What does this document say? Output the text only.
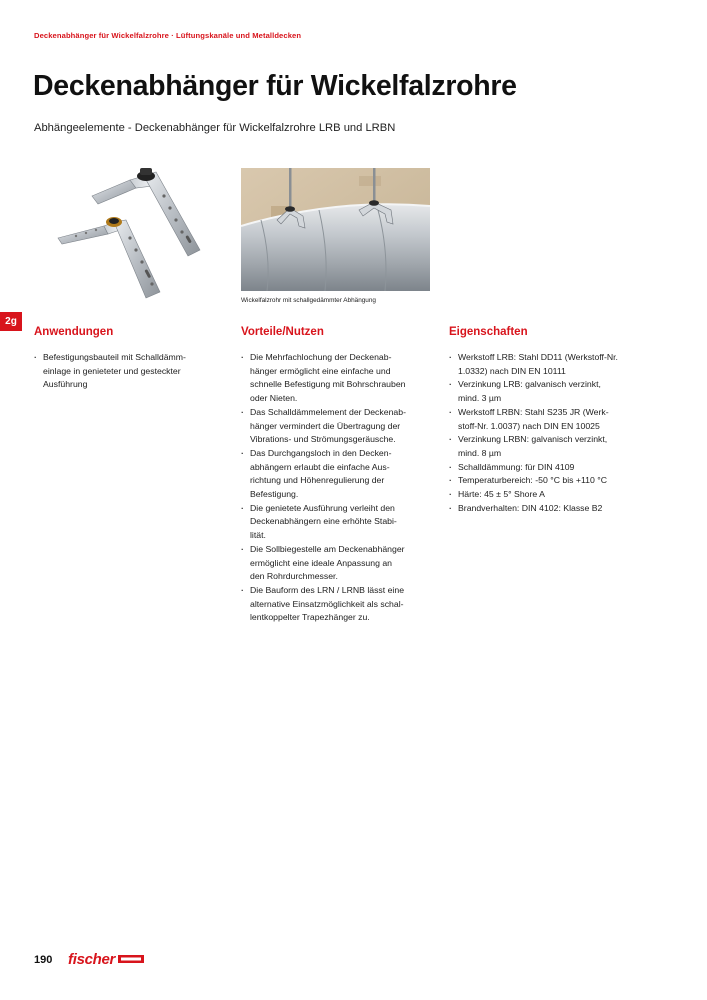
Deckenabhänger für Wickelfalzrohre · Lüftungskanäle und Metalldecken
Deckenabhänger für Wickelfalzrohre
Abhängeelemente - Deckenabhänger für Wickelfalzrohre LRB und LRBN
Wickelfalzrohr mit schallgedämmter Abhängung
2g
Anwendungen
· Befestigungsbauteil mit Schalldämm-
einlage in genieteter und gesteckter
Ausführung
Vorteile/Nutzen
· Die Mehrfachlochung der Deckenab-
hänger ermöglicht eine einfache und
schnelle Befestigung mit Bohrschrauben
oder Nieten.
· Das Schalldämmelement der Deckenab-
hänger vermindert die Übertragung der
Vibrations- und Strömungsgeräusche.
· Das Durchgangsloch in den Decken-
abhängern erlaubt die einfache Aus-
richtung und Höhenregulierung der
Befestigung.
· Die genietete Ausführung verleiht den
Deckenabhängern eine erhöhte Stabi-
lität.
· Die Sollbiegestelle am Deckenabhänger
ermöglicht eine ideale Anpassung an
den Rohrdurchmesser.
· Die Bauform des LRN / LRNB lässt eine
alternative Einsatzmöglichkeit als schal-
lentkoppelter Trapezhänger zu.
Eigenschaften
· Werkstoff LRB: Stahl DD11 (Werkstoff-Nr.
1.0332) nach DIN EN 10111
· Verzinkung LRB: galvanisch verzinkt,
mind. 3 µm
· Werkstoff LRBN: Stahl S235 JR (Werk-
stoff-Nr. 1.0037) nach DIN EN 10025
· Verzinkung LRBN: galvanisch verzinkt,
mind. 8 µm
· Schalldämmung: für DIN 4109
· Temperaturbereich: -50 °C bis +110 °C
· Härte: 45 ± 5° Shore A
· Brandverhalten: DIN 4102: Klasse B2
190 fischer
